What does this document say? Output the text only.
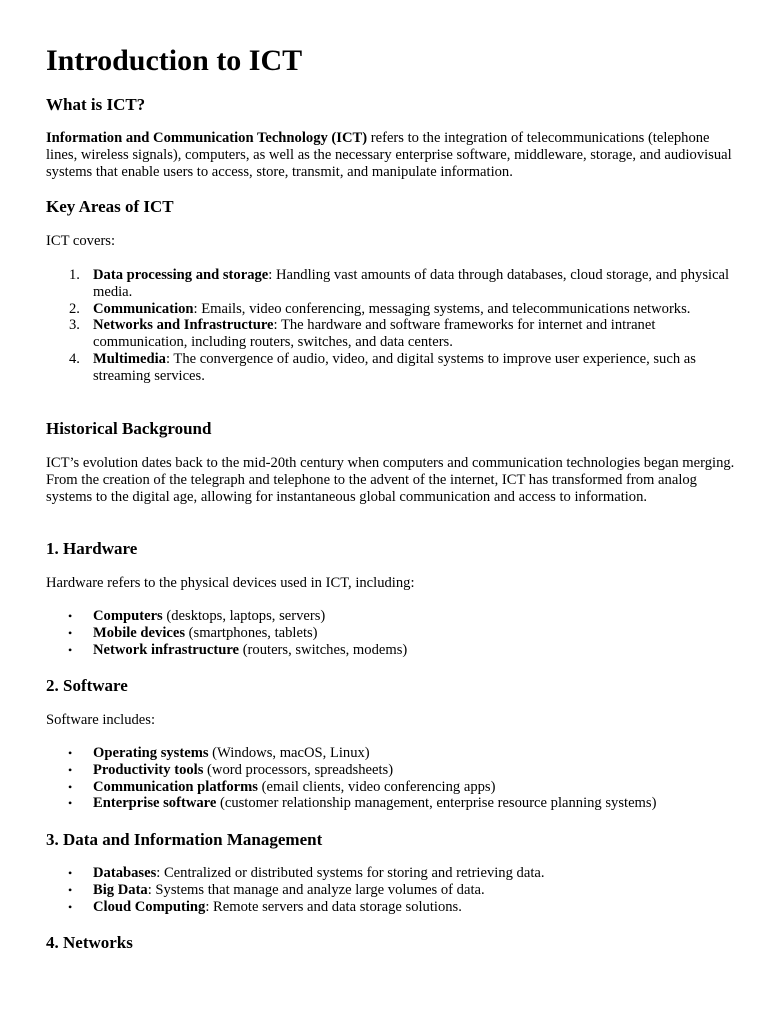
Introduction to ICT
What is ICT?

Information and Communication Technology (ICT) refers to the integration of telecommunications (telephone lines, wireless signals), computers, as well as the necessary enterprise software, middleware, storage, and audiovisual systems that enable users to access, store, transmit, and manipulate information.

Key Areas of ICT

ICT covers:

1. Data processing and storage: Handling vast amounts of data through databases, cloud storage, and physical media.
2. Communication: Emails, video conferencing, messaging systems, and telecommunications networks.
3. Networks and Infrastructure: The hardware and software frameworks for internet and intranet communication, including routers, switches, and data centers.
4. Multimedia: The convergence of audio, video, and digital systems to improve user experience, such as streaming services.
Historical Background

ICT’s evolution dates back to the mid-20th century when computers and communication technologies began merging. From the creation of the telegraph and telephone to the advent of the internet, ICT has transformed from analog systems to the digital age, allowing for instantaneous global communication and access to information.

1. Hardware

Hardware refers to the physical devices used in ICT, including:

• Computers (desktops, laptops, servers)
• Mobile devices (smartphones, tablets)
• Network infrastructure (routers, switches, modems)
2. Software

Software includes:

• Operating systems (Windows, macOS, Linux)
• Productivity tools (word processors, spreadsheets)
• Communication platforms (email clients, video conferencing apps)
• Enterprise software (customer relationship management, enterprise resource planning systems)
3. Data and Information Management
• Databases: Centralized or distributed systems for storing and retrieving data.
• Big Data: Systems that manage and analyze large volumes of data.
• Cloud Computing: Remote servers and data storage solutions.
4. Networks
